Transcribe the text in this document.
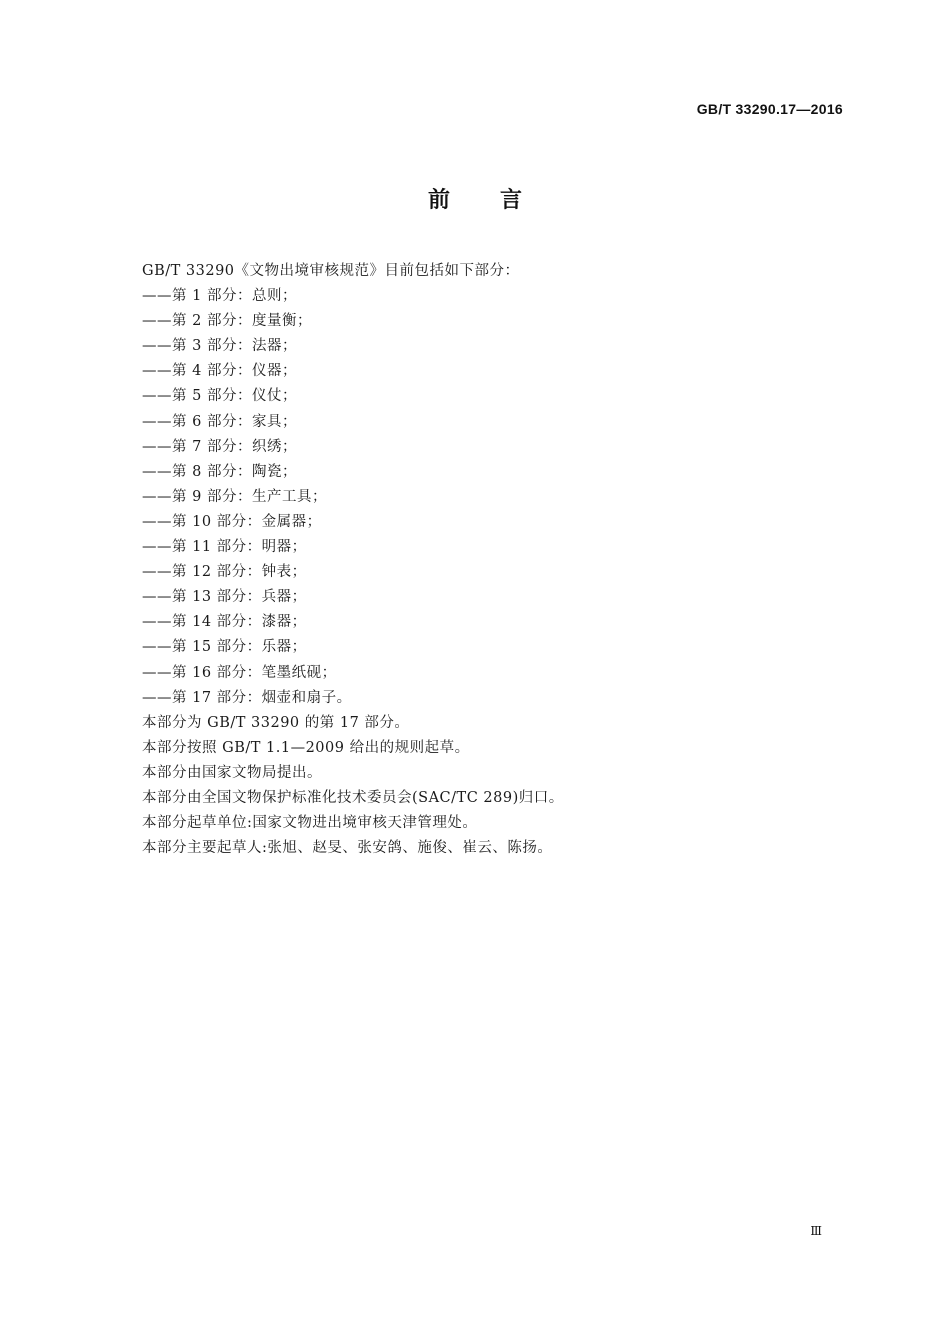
GB/T 33290.17—2016
前言
GB/T 33290《文物出境审核规范》目前包括如下部分：
——第 1 部分：总则；
——第 2 部分：度量衡；
——第 3 部分：法器；
——第 4 部分：仪器；
——第 5 部分：仪仗；
——第 6 部分：家具；
——第 7 部分：织绣；
——第 8 部分：陶瓷；
——第 9 部分：生产工具；
——第 10 部分：金属器；
——第 11 部分：明器；
——第 12 部分：钟表；
——第 13 部分：兵器；
——第 14 部分：漆器；
——第 15 部分：乐器；
——第 16 部分：笔墨纸砚；
——第 17 部分：烟壶和扇子。
本部分为 GB/T 33290 的第 17 部分。
本部分按照 GB/T 1.1—2009 给出的规则起草。
本部分由国家文物局提出。
本部分由全国文物保护标准化技术委员会(SAC/TC 289)归口。
本部分起草单位:国家文物进出境审核天津管理处。
本部分主要起草人:张旭、赵旻、张安鸽、施俊、崔云、陈扬。
Ⅲ
